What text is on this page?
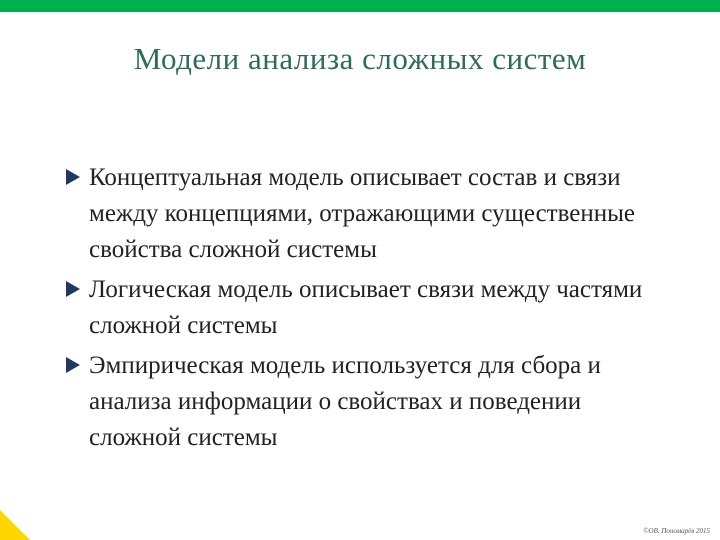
Модели анализа сложных систем
Концептуальная модель описывает состав и связи между концепциями, отражающими существенные свойства сложной системы
Логическая модель описывает связи между частями сложной системы
Эмпирическая модель используется для сбора и анализа информации о свойствах и поведении сложной системы
©ОВ. Пономарёв 2015
